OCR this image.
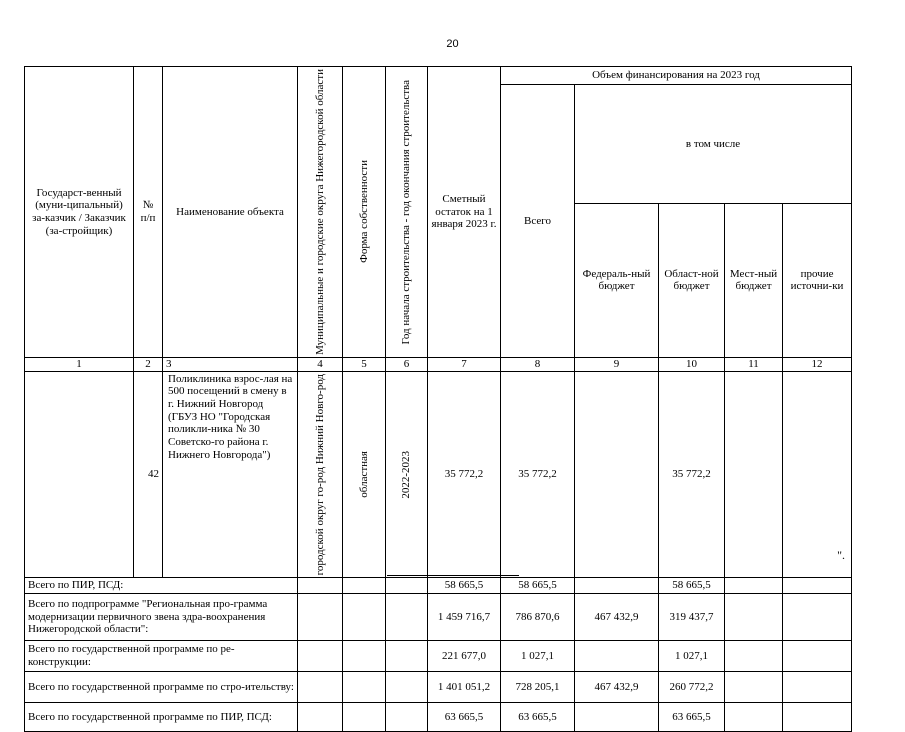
20
Государст-венный (муни-ципальный) за-казчик / Заказчик (за-стройщик)	№ п/п	Наименование объекта	Муниципальные и городские округа Нижегородской области	Форма собственности	Год начала строительства - год окончания строительства	Сметный остаток на 1 января 2023 г.	Объем финансирования на 2023 год				
							Всего	в том числе			
								Федераль-ный бюджет	Област-ной бюджет	Мест-ный бюджет	прочие источни-ки
1	2	3	4	5	6	7	8	9	10	11	12
	42	Поликлиника взрос-лая на 500 посещений в смену в г. Нижний Новгород (ГБУЗ НО "Городская поликли-ника № 30 Советско-го района г. Нижнего Новгорода")	городской округ го-род Нижний Новго-род	областная	2022-2023	35 772,2	35 772,2		35 772,2		
Всего по ПИР, ПСД:						58 665,5	58 665,5		58 665,5		
Всего по подпрограмме "Региональная про-грамма модернизации первичного звена здра-воохранения Нижегородской области":						1 459 716,7	786 870,6	467 432,9	319 437,7		
Всего по государственной программе по ре-конструкции:						221 677,0	1 027,1		1 027,1		
Всего по государственной программе по стро-ительству:						1 401 051,2	728 205,1	467 432,9	260 772,2		
Всего по государственной программе по ПИР, ПСД:						63 665,5	63 665,5		63 665,5		
".
